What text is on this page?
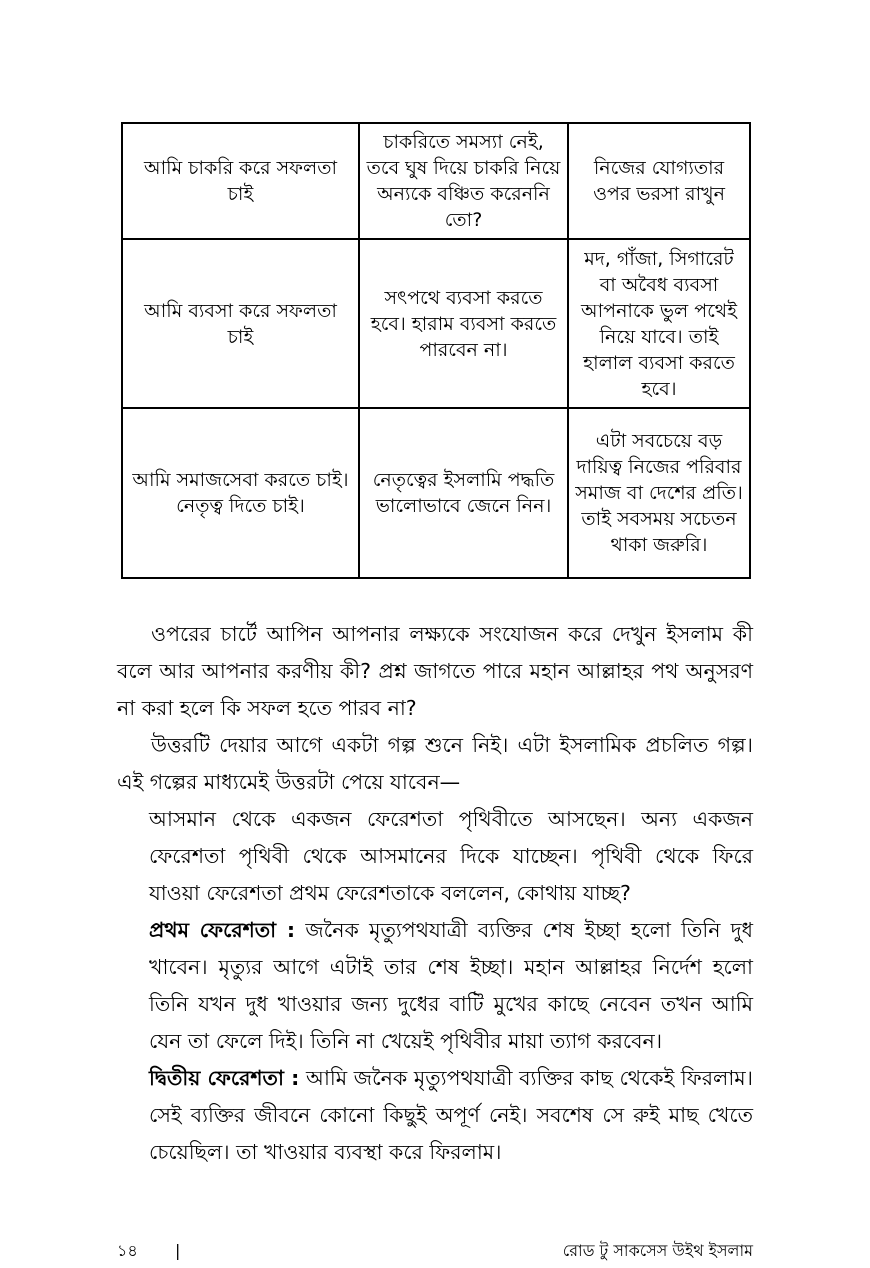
আমি চাকরি করে সফলতা চাই	চাকরিতে সমস্যা নেই, তবে ঘুষ দিয়ে চাকরি নিয়ে অন্যকে বঞ্চিত করেননি তো?	নিজের যোগ্যতার ওপর ভরসা রাখুন
আমি ব্যবসা করে সফলতা চাই	সৎপথে ব্যবসা করতে হবে। হারাম ব্যবসা করতে পারবেন না।	মদ, গাঁজা, সিগারেট বা অবৈধ ব্যবসা আপনাকে ভুল পথেই নিয়ে যাবে। তাই হালাল ব্যবসা করতে হবে।
আমি সমাজসেবা করতে চাই। নেতৃত্ব দিতে চাই।	নেতৃত্বের ইসলামি পদ্ধতি ভালোভাবে জেনে নিন।	এটা সবচেয়ে বড় দায়িত্ব নিজের পরিবার সমাজ বা দেশের প্রতি। তাই সবসময় সচেতন থাকা জরুরি।

ওপরের চার্টে আপিন আপনার লক্ষ্যকে সংযোজন করে দেখুন ইসলাম কী বলে আর আপনার করণীয় কী? প্রশ্ন জাগতে পারে মহান আল্লাহর পথ অনুসরণ না করা হলে কি সফল হতে পারব না?

উত্তরটি দেয়ার আগে একটা গল্প শুনে নিই। এটা ইসলামিক প্রচলিত গল্প। এই গল্পের মাধ্যমেই উত্তরটা পেয়ে যাবেন—

আসমান থেকে একজন ফেরেশতা পৃথিবীতে আসছেন। অন্য একজন ফেরেশতা পৃথিবী থেকে আসমানের দিকে যাচ্ছেন। পৃথিবী থেকে ফিরে যাওয়া ফেরেশতা প্রথম ফেরেশতাকে বললেন, কোথায় যাচ্ছ?

প্রথম ফেরেশতা : জনৈক মৃত্যুপথযাত্রী ব্যক্তির শেষ ইচ্ছা হলো তিনি দুধ খাবেন। মৃত্যুর আগে এটাই তার শেষ ইচ্ছা। মহান আল্লাহর নির্দেশ হলো তিনি যখন দুধ খাওয়ার জন্য দুধের বাটি মুখের কাছে নেবেন তখন আমি যেন তা ফেলে দিই। তিনি না খেয়েই পৃথিবীর মায়া ত্যাগ করবেন।

দ্বিতীয় ফেরেশতা : আমি জনৈক মৃত্যুপথযাত্রী ব্যক্তির কাছ থেকেই ফিরলাম। সেই ব্যক্তির জীবনে কোনো কিছুই অপূর্ণ নেই। সবশেষ সে রুই মাছ খেতে চেয়েছিল। তা খাওয়ার ব্যবস্থা করে ফিরলাম।

১৪ |	রোড টু সাকসেস উইথ ইসলাম
